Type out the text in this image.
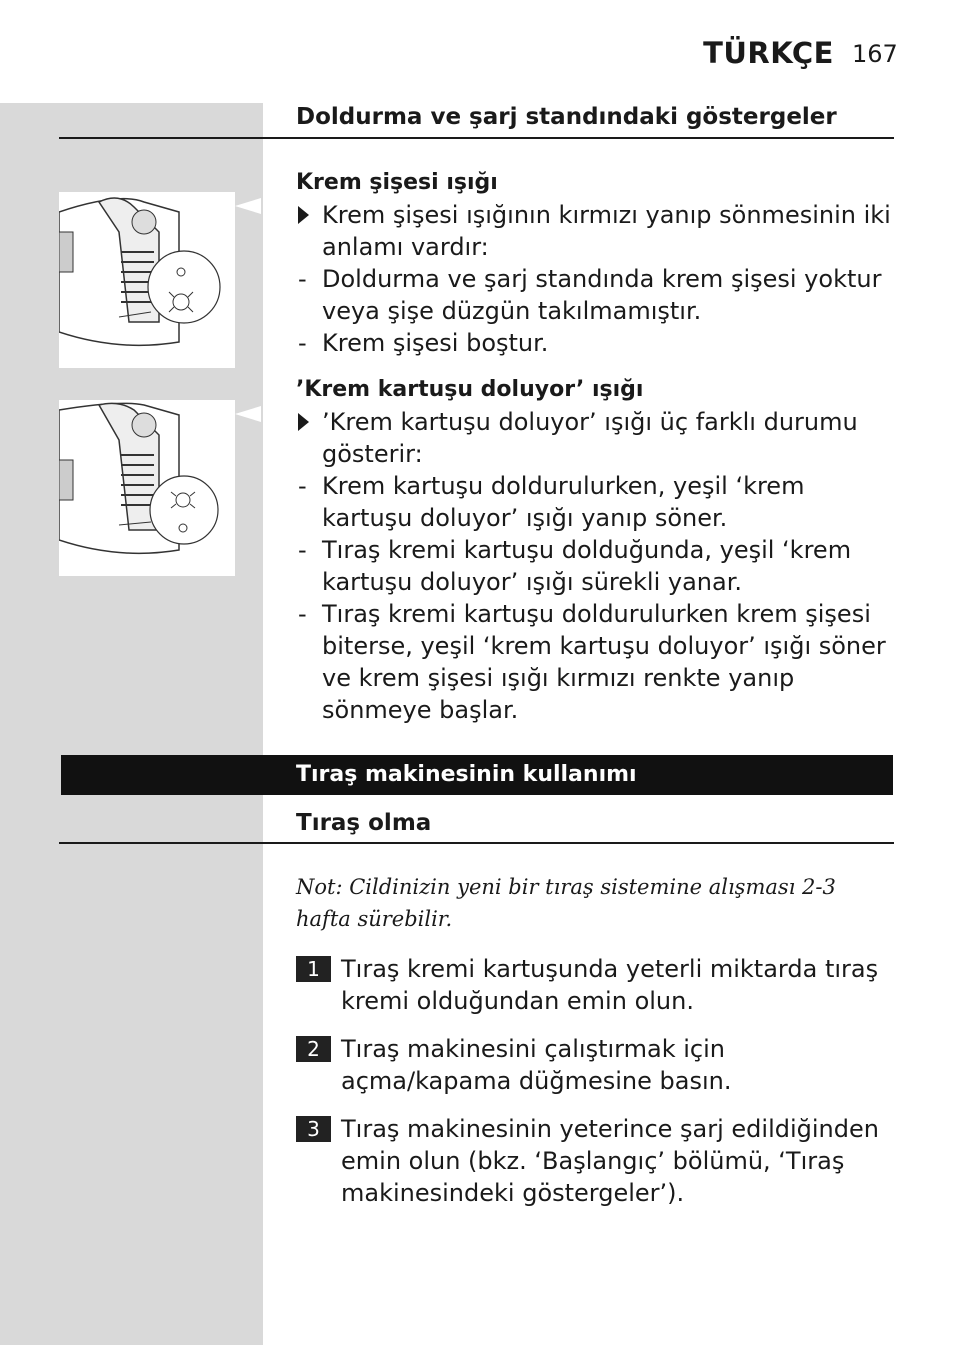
TÜRKÇE 167
Doldurma ve şarj standındaki göstergeler
Krem şişesi ışığı
Krem şişesi ışığının kırmızı yanıp sönmesinin iki anlamı vardır:
- Doldurma ve şarj standında krem şişesi yoktur veya şişe düzgün takılmamıştır.
- Krem şişesi boştur.
’Krem kartuşu doluyor’ ışığı
’Krem kartuşu doluyor’ ışığı üç farklı durumu gösterir:
- Krem kartuşu doldurulurken, yeşil ‘krem kartuşu doluyor’ ışığı yanıp söner.
- Tıraş kremi kartuşu dolduğunda, yeşil ‘krem kartuşu doluyor’ ışığı sürekli yanar.
- Tıraş kremi kartuşu doldurulurken krem şişesi biterse, yeşil ‘krem kartuşu doluyor’ ışığı söner ve krem şişesi ışığı kırmızı renkte yanıp sönmeye başlar.
Tıraş makinesinin kullanımı
Tıraş olma
Not: Cildinizin yeni bir tıraş sistemine alışması 2-3 hafta sürebilir.
1 Tıraş kremi kartuşunda yeterli miktarda tıraş kremi olduğundan emin olun.
2 Tıraş makinesini çalıştırmak için açma/kapama düğmesine basın.
3 Tıraş makinesinin yeterince şarj edildiğinden emin olun (bkz. ‘Başlangıç’ bölümü, ‘Tıraş makinesindeki göstergeler’).
